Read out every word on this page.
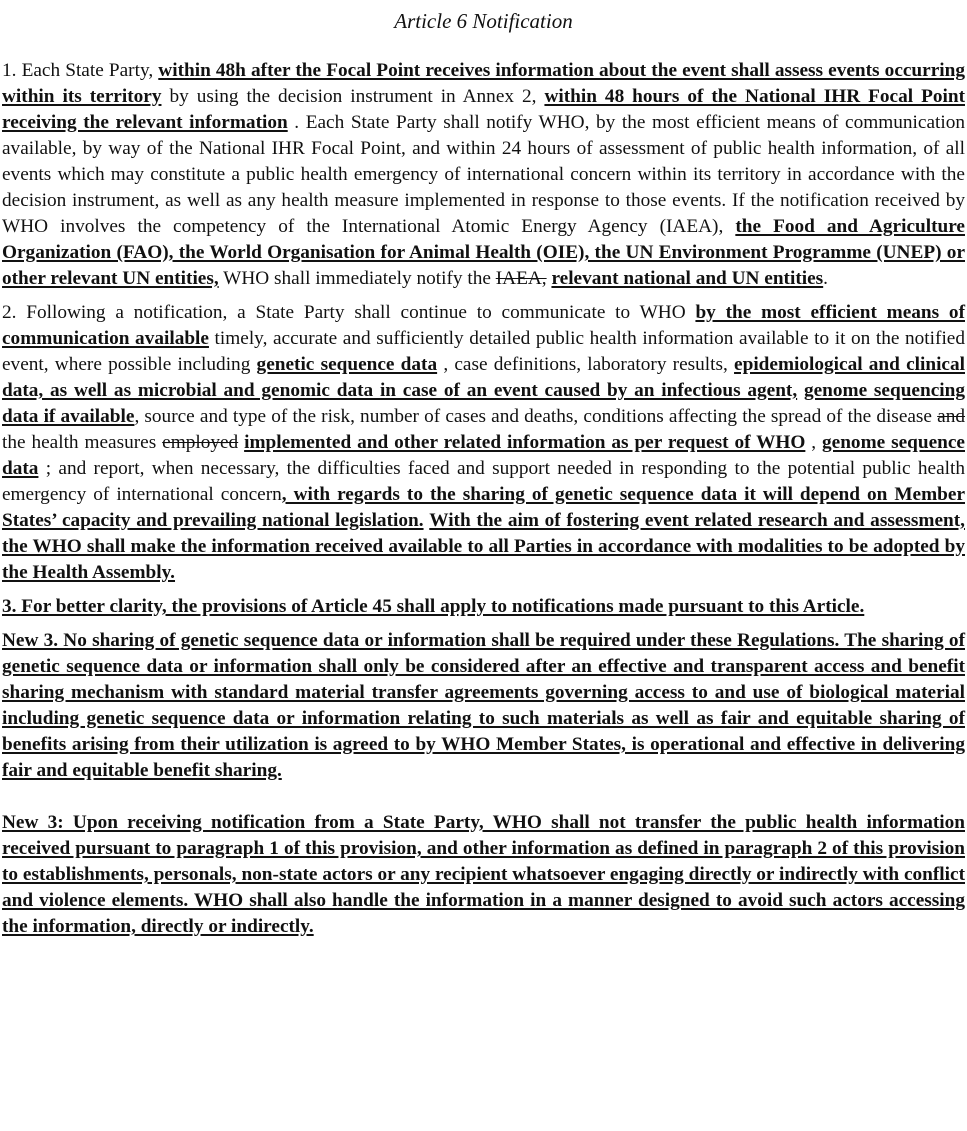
Article 6 Notification
1. Each State Party, within 48h after the Focal Point receives information about the event shall assess events occurring within its territory by using the decision instrument in Annex 2, within 48 hours of the National IHR Focal Point receiving the relevant information . Each State Party shall notify WHO, by the most efficient means of communication available, by way of the National IHR Focal Point, and within 24 hours of assessment of public health information, of all events which may constitute a public health emergency of international concern within its territory in accordance with the decision instrument, as well as any health measure implemented in response to those events. If the notification received by WHO involves the competency of the International Atomic Energy Agency (IAEA), the Food and Agriculture Organization (FAO), the World Organisation for Animal Health (OIE), the UN Environment Programme (UNEP) or other relevant UN entities, WHO shall immediately notify the IAEA, relevant national and UN entities.
2. Following a notification, a State Party shall continue to communicate to WHO by the most efficient means of communication available timely, accurate and sufficiently detailed public health information available to it on the notified event, where possible including genetic sequence data , case definitions, laboratory results, epidemiological and clinical data, as well as microbial and genomic data in case of an event caused by an infectious agent, genome sequencing data if available, source and type of the risk, number of cases and deaths, conditions affecting the spread of the disease and the health measures employed implemented and other related information as per request of WHO , genome sequence data ; and report, when necessary, the difficulties faced and support needed in responding to the potential public health emergency of international concern, with regards to the sharing of genetic sequence data it will depend on Member States’ capacity and prevailing national legislation. With the aim of fostering event related research and assessment, the WHO shall make the information received available to all Parties in accordance with modalities to be adopted by the Health Assembly.
3. For better clarity, the provisions of Article 45 shall apply to notifications made pursuant to this Article.
New 3. No sharing of genetic sequence data or information shall be required under these Regulations. The sharing of genetic sequence data or information shall only be considered after an effective and transparent access and benefit sharing mechanism with standard material transfer agreements governing access to and use of biological material including genetic sequence data or information relating to such materials as well as fair and equitable sharing of benefits arising from their utilization is agreed to by WHO Member States, is operational and effective in delivering fair and equitable benefit sharing.
New 3: Upon receiving notification from a State Party, WHO shall not transfer the public health information received pursuant to paragraph 1 of this provision, and other information as defined in paragraph 2 of this provision to establishments, personals, non-state actors or any recipient whatsoever engaging directly or indirectly with conflict and violence elements. WHO shall also handle the information in a manner designed to avoid such actors accessing the information, directly or indirectly.
